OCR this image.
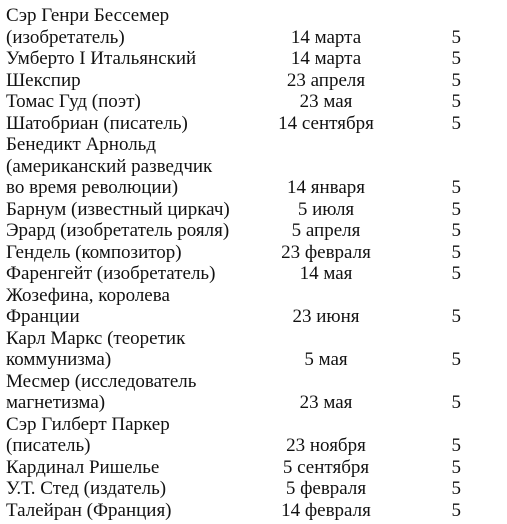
Сэр Генри Бессемер
(изобретатель)	14 марта	5
Умберто I Итальянский	14 марта	5
Шекспир	23 апреля	5
Томас Гуд (поэт)	23 мая	5
Шатобриан (писатель)	14 сентября	5
Бенедикт Арнольд
(американский разведчик
во время революции)	14 января	5
Барнум (известный циркач)	5 июля	5
Эрард (изобретатель рояля)	5 апреля	5
Гендель (композитор)	23 февраля	5
Фаренгейт (изобретатель)	14 мая	5
Жозефина, королева
Франции	23 июня	5
Карл Маркс (теоретик
коммунизма)	5 мая	5
Месмер (исследователь
магнетизма)	23 мая	5
Сэр Гилберт Паркер
(писатель)	23 ноября	5
Кардинал Ришелье	5 сентября	5
У.Т. Стед (издатель)	5 февраля	5
Талейран (Франция)	14 февраля	5
